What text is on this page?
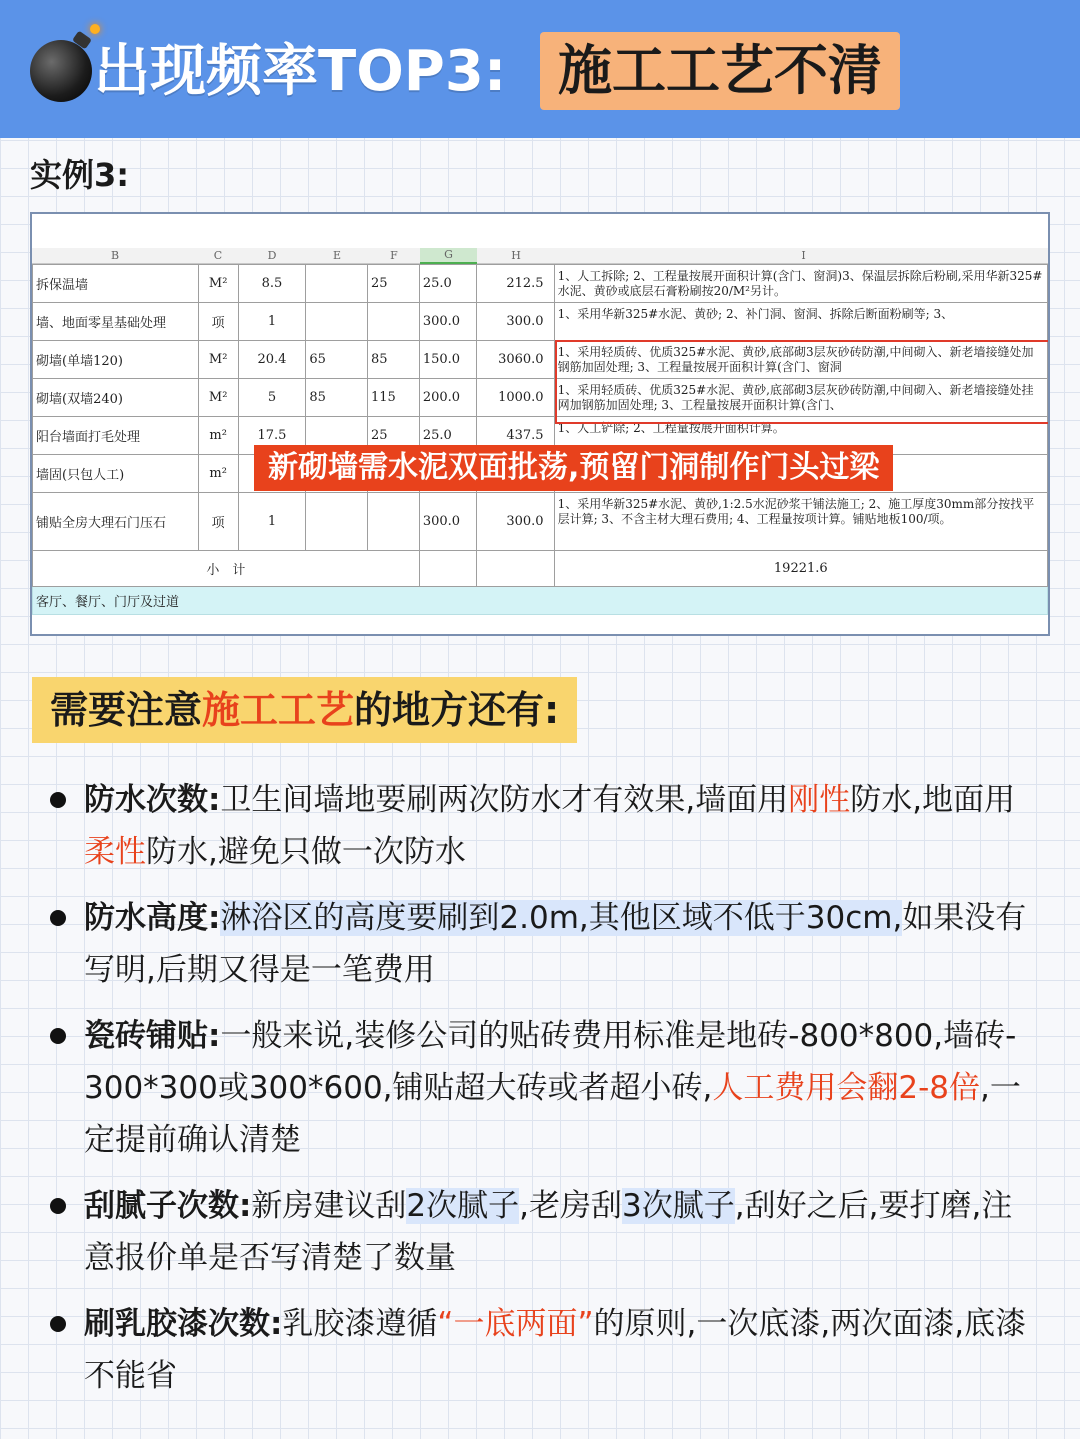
出现频率TOP3: 施工工艺不清
实例3:
B	C	D	E	F	G	H	I
拆保温墙	M²	8.5		25	25.0	212.5	1、人工拆除; 2、工程量按展开面积计算(含门、窗洞)3、保温层拆除后粉刷,采用华新325#水泥、黄砂或底层石膏粉刷按20/M²另计。
墙、地面零星基础处理	项	1			300.0	300.0	1、采用华新325#水泥、黄砂; 2、补门洞、窗洞、拆除后断面粉刷等; 3、
砌墙(单墙120)	M²	20.4	65	85	150.0	3060.0	1、采用轻质砖、优质325#水泥、黄砂,底部砌3层灰砂砖防潮,中间砌入、新老墙接缝处加钢筋加固处理; 3、工程量按展开面积计算(含门、窗洞
砌墙(双墙240)	M²	5	85	115	200.0	1000.0	1、采用轻质砖、优质325#水泥、黄砂,底部砌3层灰砂砖防潮,中间砌入、新老墙接缝处挂网加钢筋加固处理; 3、工程量按展开面积计算(含门、
阳台墙面打毛处理	m²	17.5		25	25.0	437.5	1、人工铲除; 2、工程量按展开面积计算。
墙固(只包人工)	m²						
铺贴全房大理石门压石	项	1			300.0	300.0	1、采用华新325#水泥、黄砂,1:2.5水泥砂浆干铺法施工; 2、施工厚度30mm部分按找平层计算; 3、不含主材大理石费用; 4、工程量按项计算。铺贴地板100/项。
小　计							19221.6
客厅、餐厅、门厅及过道							
新砌墙需水泥双面批荡,预留门洞制作门头过梁
需要注意施工工艺的地方还有:
防水次数:卫生间墙地要刷两次防水才有效果,墙面用刚性防水,地面用柔性防水,避免只做一次防水
防水高度:淋浴区的高度要刷到2.0m,其他区域不低于30cm,如果没有写明,后期又得是一笔费用
瓷砖铺贴:一般来说,装修公司的贴砖费用标准是地砖-800*800,墙砖- 300*300或300*600,铺贴超大砖或者超小砖,人工费用会翻2-8倍,一定提前确认清楚
刮腻子次数:新房建议刮2次腻子,老房刮3次腻子,刮好之后,要打磨,注意报价单是否写清楚了数量
刷乳胶漆次数:乳胶漆遵循“一底两面”的原则,一次底漆,两次面漆,底漆不能省
